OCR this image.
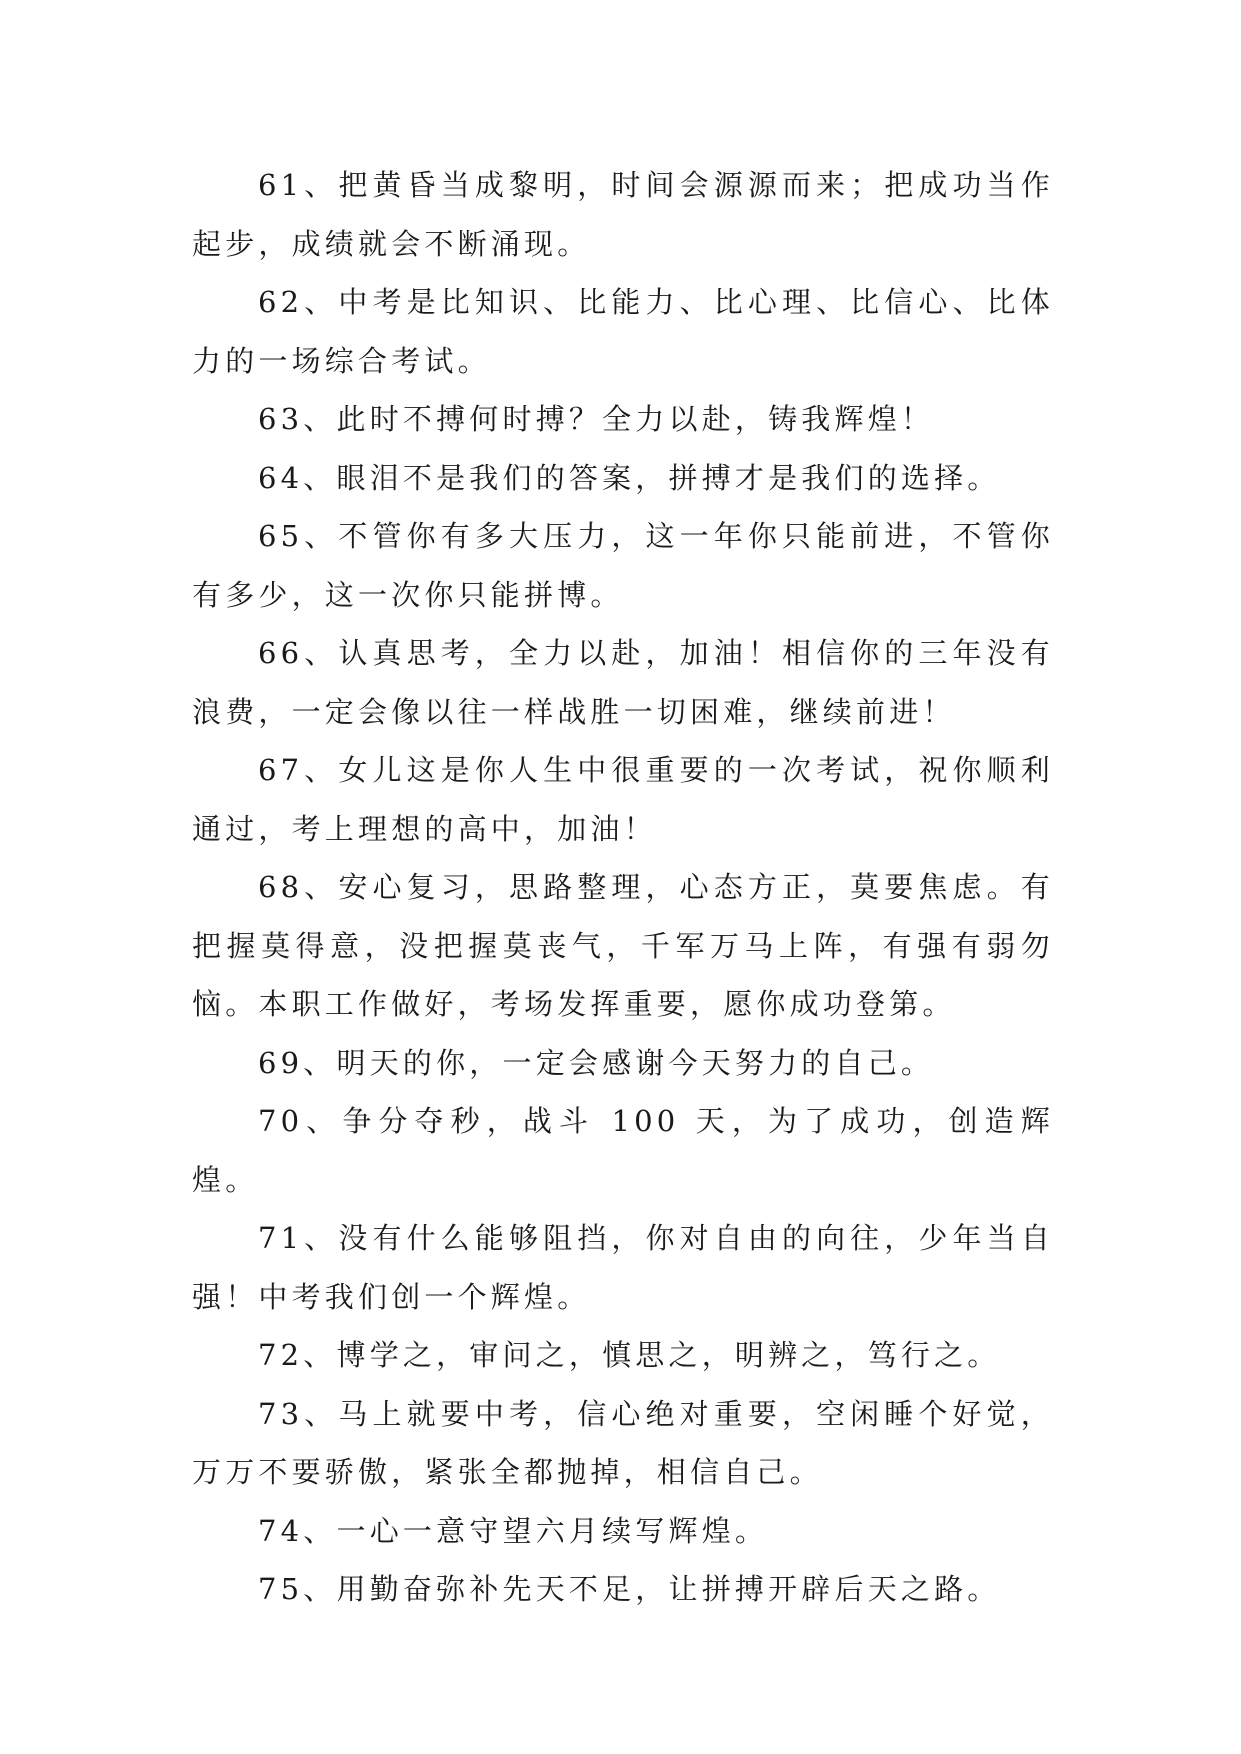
61、把黄昏当成黎明，时间会源源而来；把成功当作起步，成绩就会不断涌现。

62、中考是比知识、比能力、比心理、比信心、比体力的一场综合考试。

63、此时不搏何时搏？全力以赴，铸我辉煌！

64、眼泪不是我们的答案，拼搏才是我们的选择。

65、不管你有多大压力，这一年你只能前进，不管你有多少，这一次你只能拼博。

66、认真思考，全力以赴，加油！相信你的三年没有浪费，一定会像以往一样战胜一切困难，继续前进！

67、女儿这是你人生中很重要的一次考试，祝你顺利通过，考上理想的高中，加油！

68、安心复习，思路整理，心态方正，莫要焦虑。有把握莫得意，没把握莫丧气，千军万马上阵，有强有弱勿恼。本职工作做好，考场发挥重要，愿你成功登第。

69、明天的你，一定会感谢今天努力的自己。

70、争分夺秒，战斗 100 天，为了成功，创造辉煌。

71、没有什么能够阻挡，你对自由的向往，少年当自强！中考我们创一个辉煌。

72、博学之，审问之，慎思之，明辨之，笃行之。

73、马上就要中考，信心绝对重要，空闲睡个好觉，万万不要骄傲，紧张全都抛掉，相信自己。

74、一心一意守望六月续写辉煌。

75、用勤奋弥补先天不足，让拼搏开辟后天之路。
